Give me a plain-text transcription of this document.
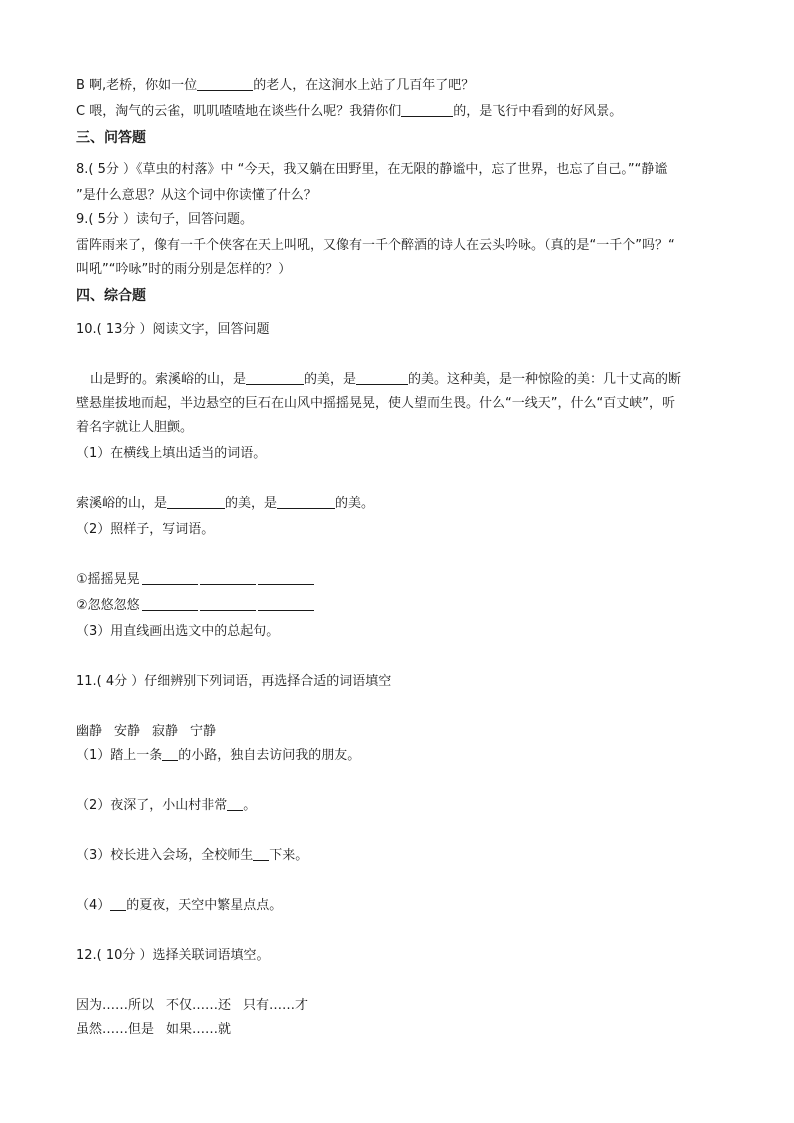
B 啊,老桥，你如一位	的老人，在这涧水上站了几百年了吧？
C 喂，淘气的云雀，叽叽喳喳地在谈些什么呢？我猜你们	的，是飞行中看到的好风景。
三、问答题
8.( 5分 ）《草虫的村落》中 “今天，我又躺在田野里，在无限的静谧中，忘了世界，也忘了自己。”“静谧
”是什么意思？从这个词中你读懂了什么？
9.( 5分 ）读句子，回答问题。
雷阵雨来了，像有一千个侠客在天上叫吼，又像有一千个醉酒的诗人在云头吟咏。（真的是“一千个”吗？“
叫吼”“吟咏”时的雨分别是怎样的？）
四、综合题
10.( 13分 ）阅读文字，回答问题
山是野的。索溪峪的山，是	的美，是	的美。这种美，是一种惊险的美：几十丈高的断
壁悬崖拔地而起，半边悬空的巨石在山风中摇摇晃晃，使人望而生畏。什么“一线天”，什么“百丈峡”，听
着名字就让人胆颤。
（1）在横线上填出适当的词语。
索溪峪的山，是	的美，是	的美。
（2）照样子，写词语。
①摇摇晃晃
②忽悠忽悠
（3）用直线画出选文中的总起句。
11.( 4分 ）仔细辨别下列词语，再选择合适的词语填空
幽静 安静 寂静 宁静
（1）踏上一条 的小路，独自去访问我的朋友。
（2）夜深了，小山村非常 。
（3）校长进入会场，全校师生 下来。
（4） 的夏夜，天空中繁星点点。
12.( 10分 ）选择关联词语填空。
因为……所以 不仅……还 只有……才
虽然……但是 如果……就
